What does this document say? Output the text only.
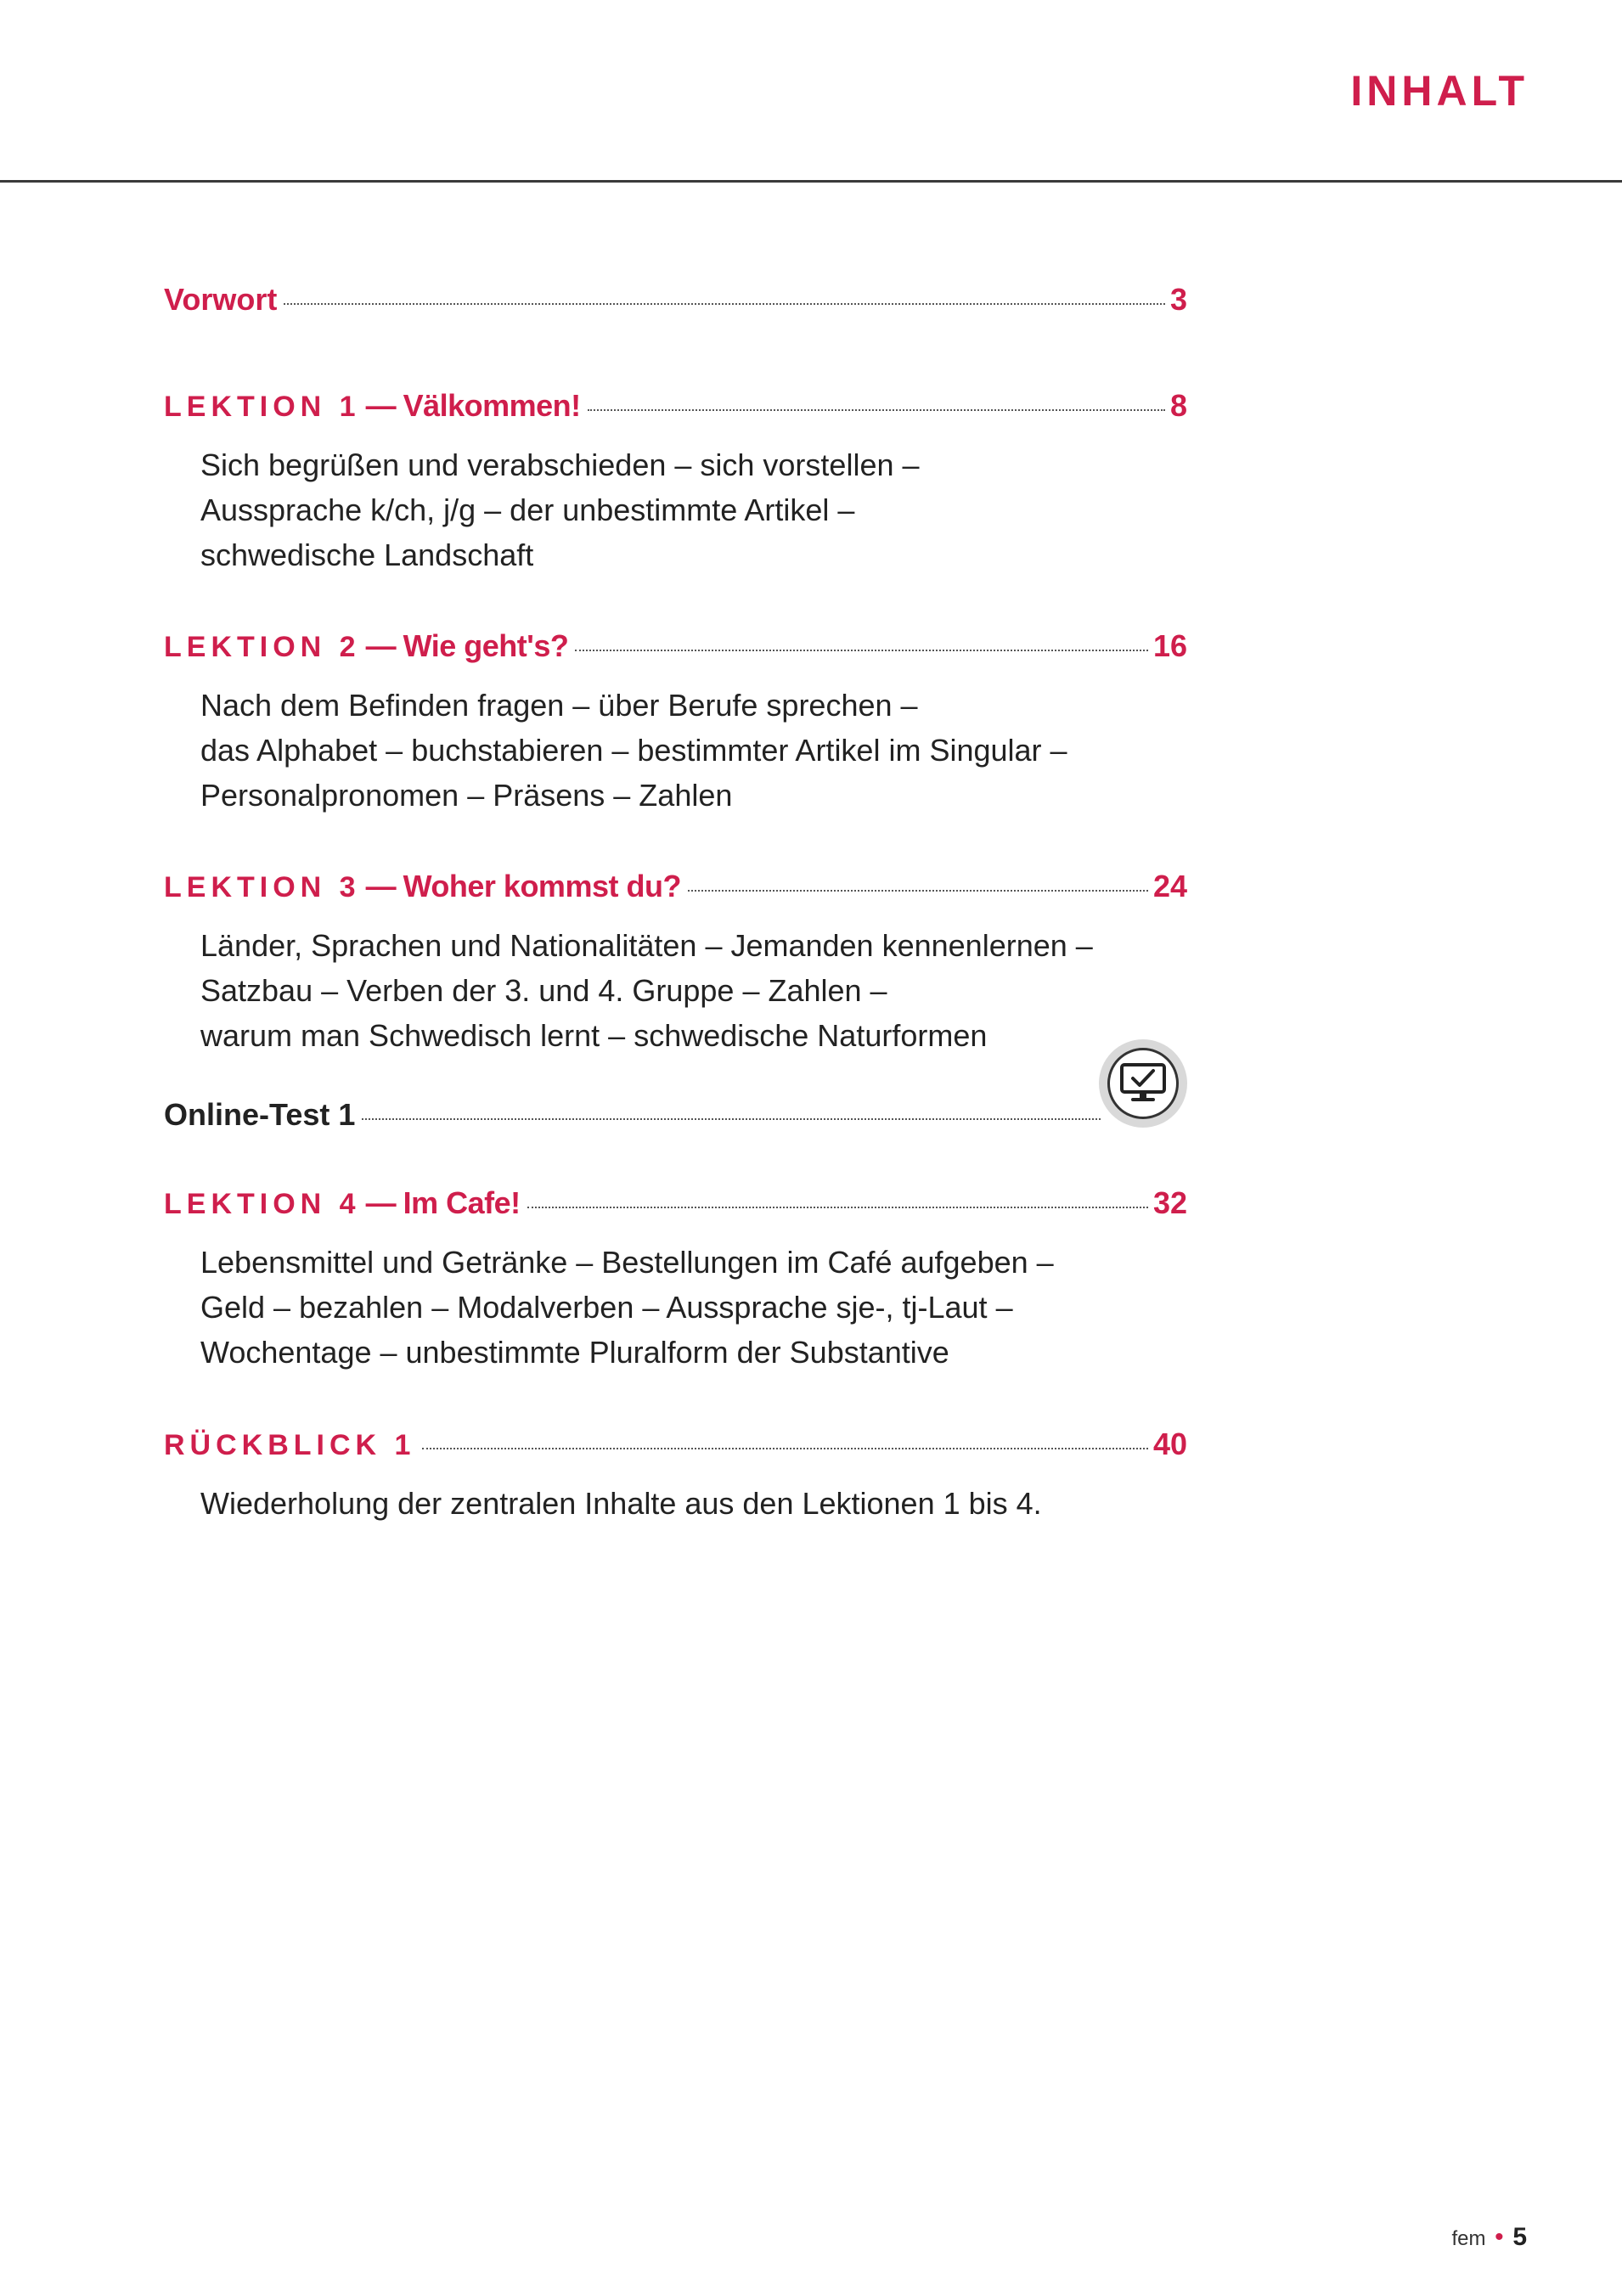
INHALT
Vorwort	3
LEKTION 1 — Välkommen!	8
Sich begrüßen und verabschieden – sich vorstellen –
Aussprache k/ch, j/g – der unbestimmte Artikel –
schwedische Landschaft
LEKTION 2 — Wie geht's?	16
Nach dem Befinden fragen – über Berufe sprechen –
das Alphabet – buchstabieren – bestimmter Artikel im Singular –
Personalpronomen – Präsens – Zahlen
LEKTION 3 — Woher kommst du?	24
Länder, Sprachen und Nationalitäten – Jemanden kennenlernen –
Satzbau – Verben der 3. und 4. Gruppe – Zahlen –
warum man Schwedisch lernt – schwedische Naturformen
Online-Test 1
LEKTION 4 — Im Cafe!	32
Lebensmittel und Getränke – Bestellungen im Café aufgeben –
Geld – bezahlen – Modalverben – Aussprache sje-, tj-Laut –
Wochentage – unbestimmte Pluralform der Substantive
RÜCKBLICK 1	40
Wiederholung der zentralen Inhalte aus den Lektionen 1 bis 4.
fem • 5
